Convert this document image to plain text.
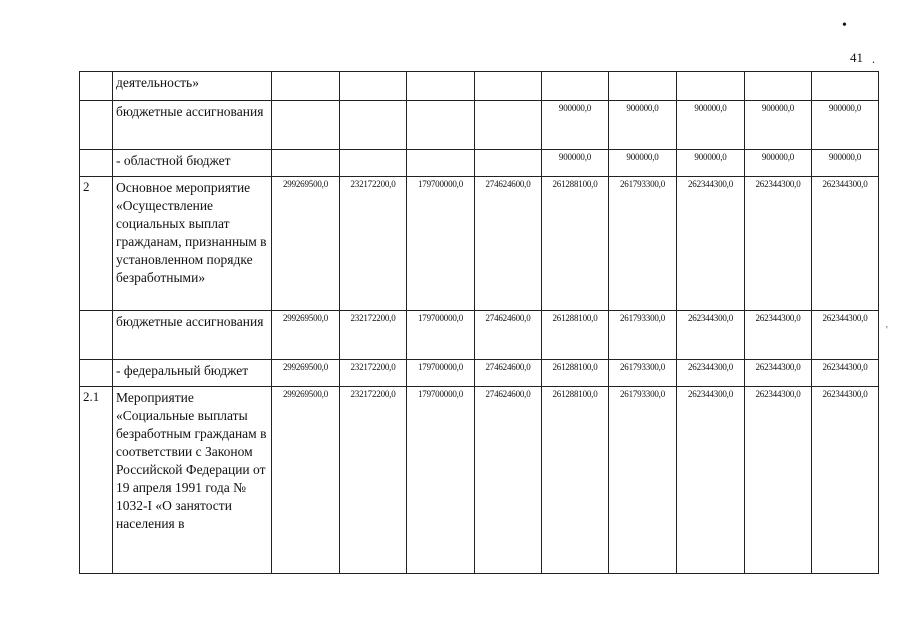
•
41 .
'
	деятельность»									
	бюджетные ассигнования					900000,0	900000,0	900000,0	900000,0	900000,0
	- областной бюджет					900000,0	900000,0	900000,0	900000,0	900000,0
2	Основное мероприятие «Осуществление социальных выплат гражданам, признанным в установленном порядке безработными»	299269500,0	232172200,0	179700000,0	274624600,0	261288100,0	261793300,0	262344300,0	262344300,0	262344300,0
	бюджетные ассигнования	299269500,0	232172200,0	179700000,0	274624600,0	261288100,0	261793300,0	262344300,0	262344300,0	262344300,0
	- федеральный бюджет	299269500,0	232172200,0	179700000,0	274624600,0	261288100,0	261793300,0	262344300,0	262344300,0	262344300,0
2.1	Мероприятие «Социальные выплаты безработным гражданам в соответствии с Законом Российской Федерации от 19 апреля 1991 года № 1032-I «О занятости населения в	299269500,0	232172200,0	179700000,0	274624600,0	261288100,0	261793300,0	262344300,0	262344300,0	262344300,0
